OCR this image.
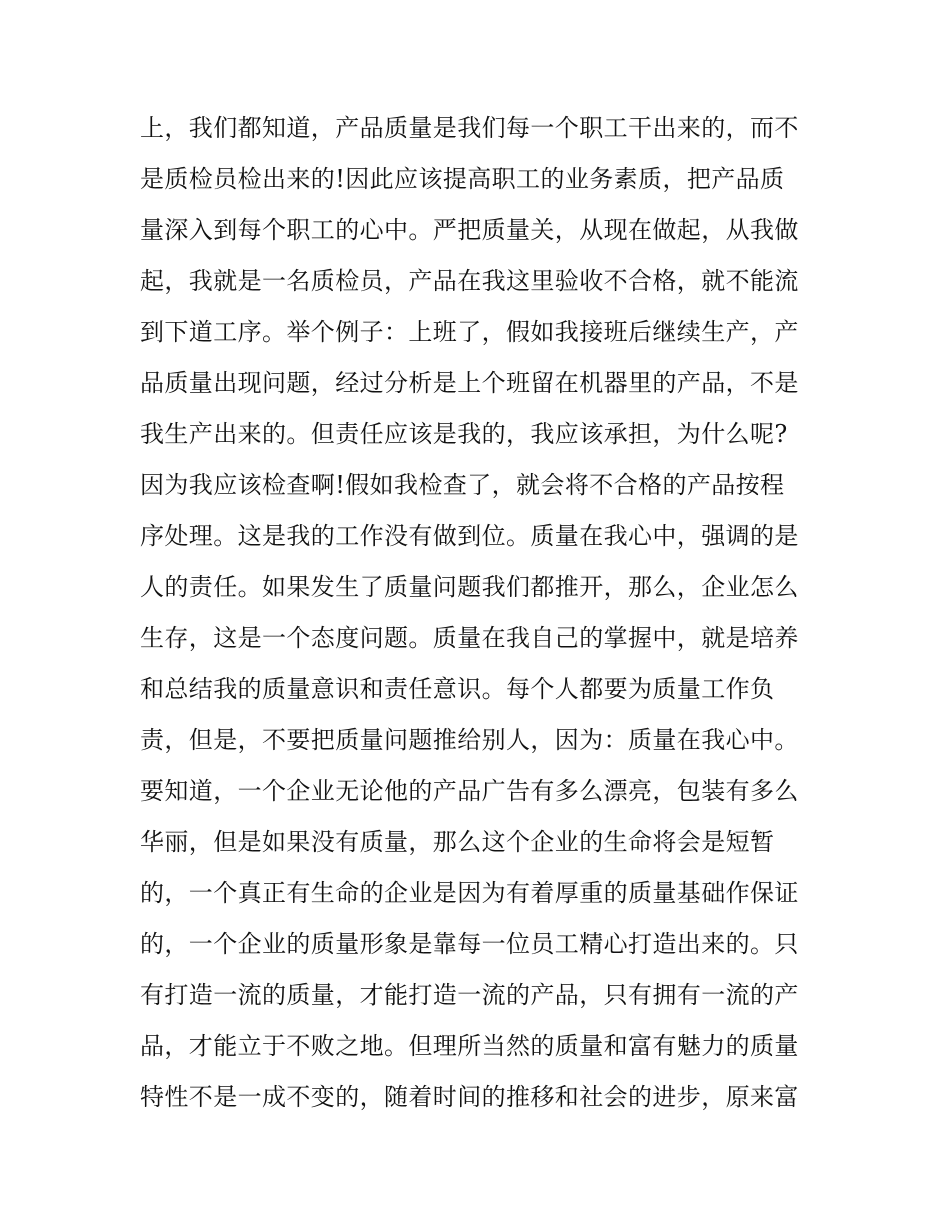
上，我们都知道，产品质量是我们每一个职工干出来的，而不
是质检员检出来的!因此应该提高职工的业务素质，把产品质
量深入到每个职工的心中。严把质量关，从现在做起，从我做
起，我就是一名质检员，产品在我这里验收不合格，就不能流
到下道工序。举个例子：上班了，假如我接班后继续生产，产
品质量出现问题，经过分析是上个班留在机器里的产品，不是
我生产出来的。但责任应该是我的，我应该承担，为什么呢?
因为我应该检查啊!假如我检查了，就会将不合格的产品按程
序处理。这是我的工作没有做到位。质量在我心中，强调的是
人的责任。如果发生了质量问题我们都推开，那么，企业怎么
生存，这是一个态度问题。质量在我自己的掌握中，就是培养
和总结我的质量意识和责任意识。每个人都要为质量工作负
责，但是，不要把质量问题推给别人，因为：质量在我心中。
要知道，一个企业无论他的产品广告有多么漂亮，包装有多么
华丽，但是如果没有质量，那么这个企业的生命将会是短暂
的，一个真正有生命的企业是因为有着厚重的质量基础作保证
的，一个企业的质量形象是靠每一位员工精心打造出来的。只
有打造一流的质量，才能打造一流的产品，只有拥有一流的产
品，才能立于不败之地。但理所当然的质量和富有魅力的质量
特性不是一成不变的，随着时间的推移和社会的进步，原来富
